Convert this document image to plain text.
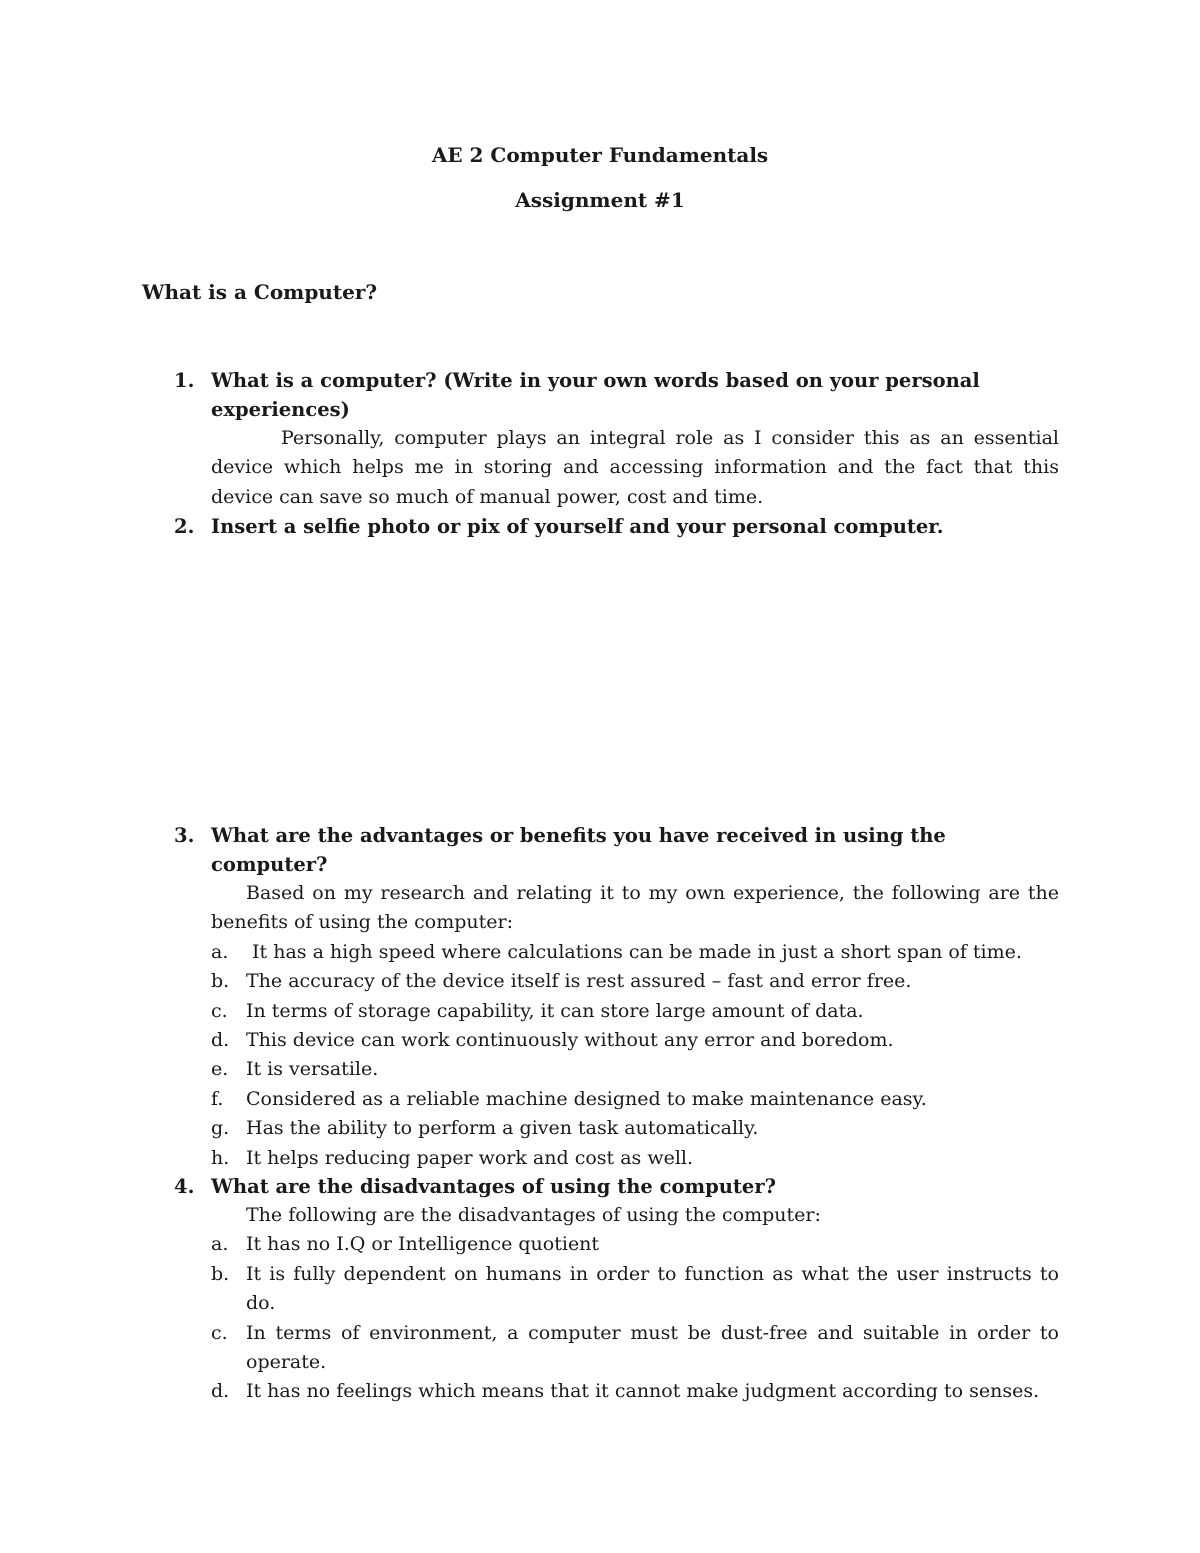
AE 2 Computer Fundamentals
Assignment #1
What is a Computer?
1. What is a computer? (Write in your own words based on your personal experiences)
Personally, computer plays an integral role as I consider this as an essential device which helps me in storing and accessing information and the fact that this device can save so much of manual power, cost and time.
2. Insert a selfie photo or pix of yourself and your personal computer.
3. What are the advantages or benefits you have received in using the computer?
Based on my research and relating it to my own experience, the following are the benefits of using the computer:
a. It has a high speed where calculations can be made in just a short span of time.
b. The accuracy of the device itself is rest assured – fast and error free.
c. In terms of storage capability, it can store large amount of data.
d. This device can work continuously without any error and boredom.
e. It is versatile.
f.	Considered as a reliable machine designed to make maintenance easy.
g. Has the ability to perform a given task automatically.
h. It helps reducing paper work and cost as well.
4. What are the disadvantages of using the computer?
The following are the disadvantages of using the computer:
a. It has no I.Q or Intelligence quotient
b. It is fully dependent on humans in order to function as what the user instructs to do.
c. In terms of environment, a computer must be dust-free and suitable in order to operate.
d. It has no feelings which means that it cannot make judgment according to senses.
